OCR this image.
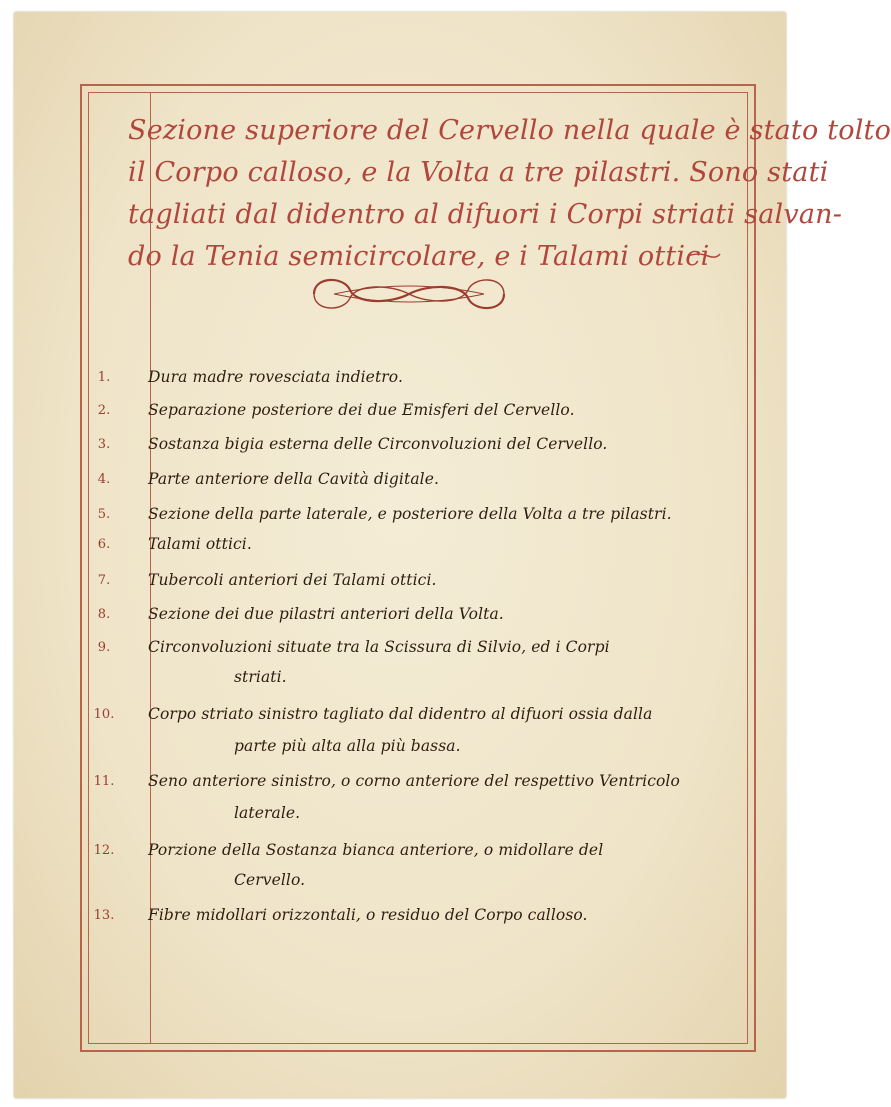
Sezione superiore del Cervello nella quale è stato tolto
il Corpo calloso, e la Volta a tre pilastri. Sono stati
tagliati dal didentro al difuori i Corpi striati salvan-
do la Tenia semicircolare, e i Talami ottici
1.	Dura madre rovesciata indietro.
2.	Separazione posteriore dei due Emisferi del Cervello.
3.	Sostanza bigia esterna delle Circonvoluzioni del Cervello.
4.	Parte anteriore della Cavità digitale.
5.	Sezione della parte laterale, e posteriore della Volta a tre pilastri.
6.	Talami ottici.
7.	Tubercoli anteriori dei Talami ottici.
8.	Sezione dei due pilastri anteriori della Volta.
9.	Circonvoluzioni situate tra la Scissura di Silvio, ed i Corpi
striati.
10.	Corpo striato sinistro tagliato dal didentro al difuori ossia dalla
parte più alta alla più bassa.
11.	Seno anteriore sinistro, o corno anteriore del respettivo Ventricolo
laterale.
12.	Porzione della Sostanza bianca anteriore, o midollare del
Cervello.
13.	Fibre midollari orizzontali, o residuo del Corpo calloso.
